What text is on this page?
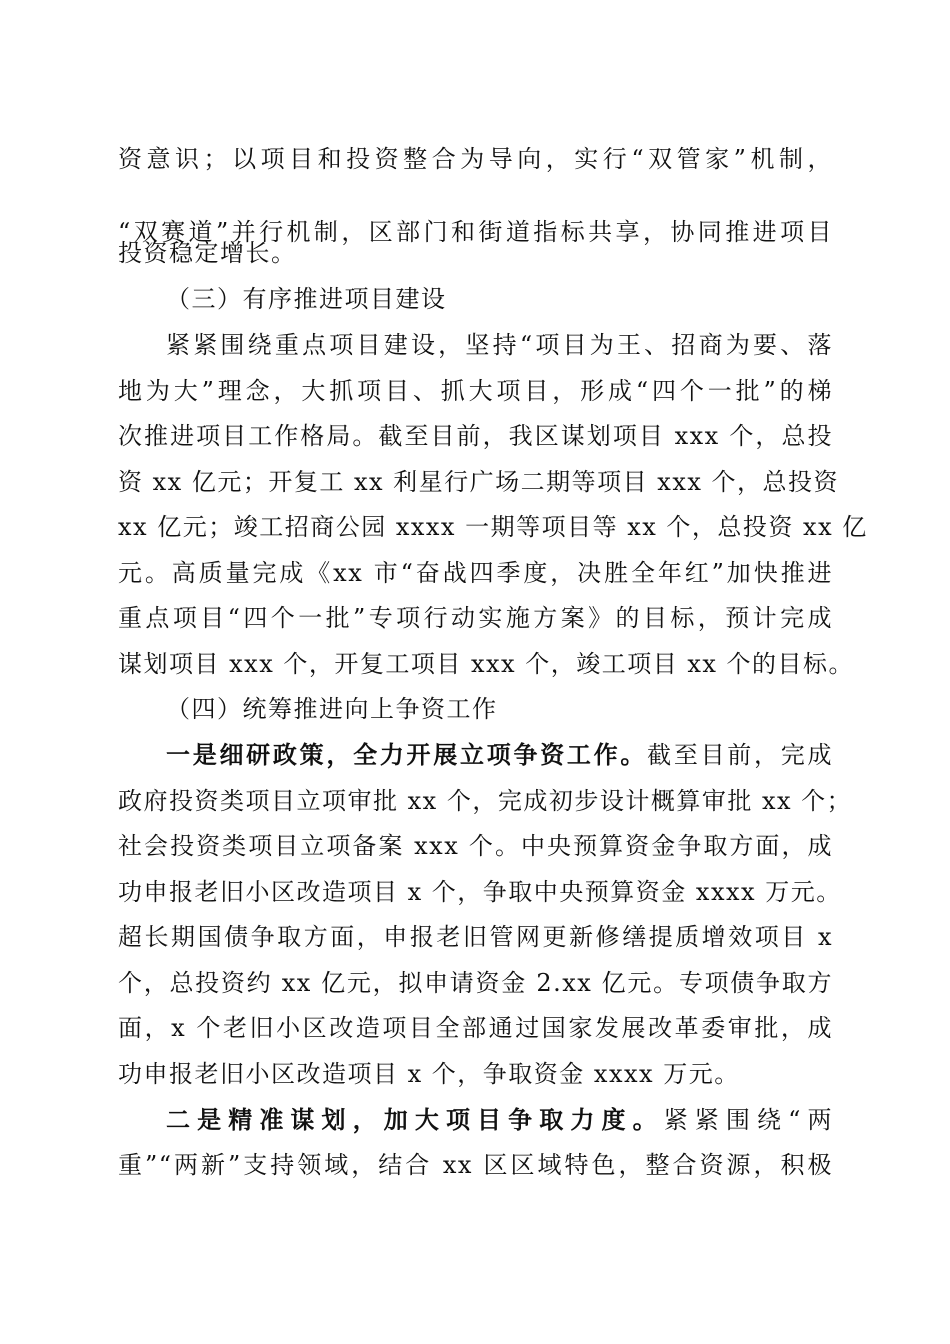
资意识；以项目和投资整合为导向，实行“双管家”机制，
“双赛道”并行机制，区部门和街道指标共享，协同推进项目
投资稳定增长。
（三）有序推进项目建设
紧紧围绕重点项目建设，坚持“项目为王、招商为要、落
地为大”理念，大抓项目、抓大项目，形成“四个一批”的梯
次推进项目工作格局。截至目前，我区谋划项目 xxx 个，总投
资 xx 亿元；开复工 xx 利星行广场二期等项目 xxx 个，总投资
xx 亿元；竣工招商公园 xxxx 一期等项目等 xx 个，总投资 xx 亿
元。高质量完成《xx 市“奋战四季度，决胜全年红”加快推进
重点项目“四个一批”专项行动实施方案》的目标，预计完成
谋划项目 xxx 个，开复工项目 xxx 个，竣工项目 xx 个的目标。
（四）统筹推进向上争资工作
一是细研政策，全力开展立项争资工作。截至目前，完成
政府投资类项目立项审批 xx 个，完成初步设计概算审批 xx 个；
社会投资类项目立项备案 xxx 个。中央预算资金争取方面，成
功申报老旧小区改造项目 x 个，争取中央预算资金 xxxx 万元。
超长期国债争取方面，申报老旧管网更新修缮提质增效项目 x
个，总投资约 xx 亿元，拟申请资金 2.xx 亿元。专项债争取方
面，x 个老旧小区改造项目全部通过国家发展改革委审批，成
功申报老旧小区改造项目 x 个，争取资金 xxxx 万元。
二是精准谋划，加大项目争取力度。紧紧围绕“两
重”“两新”支持领域，结合 xx 区区域特色，整合资源，积极
